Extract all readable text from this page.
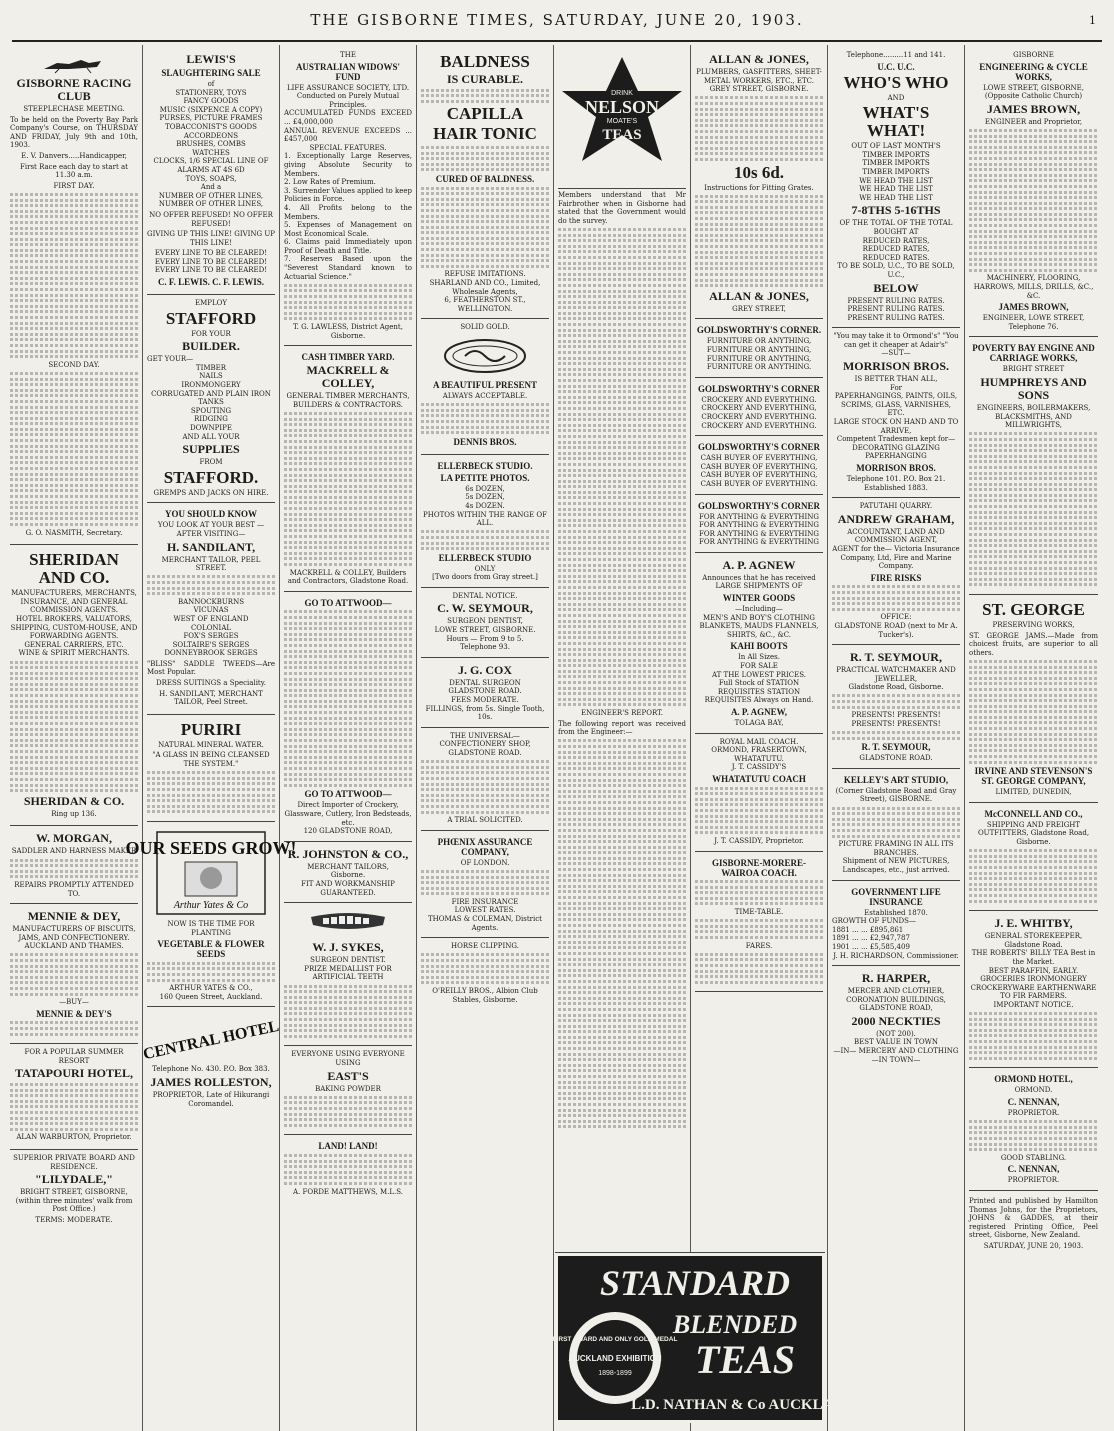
THE GISBORNE TIMES, SATURDAY, JUNE 20, 1903.	1
GISBORNE RACING CLUB
STEEPLECHASE MEETING.

To be held on the Poverty Bay Park Company's Course, on THURSDAY AND FRIDAY, July 9th and 10th, 1903.

E. V. Danvers.....Handicapper,

First Race each day to start at 11.30 a.m.

FIRST DAY.
SECOND DAY.

G. O. NASMITH, Secretary.

SHERIDAN AND CO.
MANUFACTURERS, MERCHANTS, INSURANCE, AND GENERAL COMMISSION AGENTS.
HOTEL BROKERS, VALUATORS,
SHIPPING, CUSTOM-HOUSE, AND FORWARDING AGENTS.
GENERAL CARRIERS, ETC.
WINE & SPIRIT MERCHANTS.
SHERIDAN & CO.

Ring up 136.

W. MORGAN,
SADDLER AND HARNESS MAKER
REPAIRS PROMPTLY ATTENDED TO.
MENNIE & DEY,
MANUFACTURERS OF BISCUITS, JAMS, AND CONFECTIONERY.
AUCKLAND AND THAMES.
—BUY—
MENNIE & DEY'S
FOR A POPULAR SUMMER RESORT
TATAPOURI HOTEL,

ALAN WARBURTON, Proprietor.

SUPERIOR PRIVATE BOARD AND RESIDENCE.
"LILYDALE,"

BRIGHT STREET, GISBORNE, (within three minutes' walk from Post Office.)

TERMS: MODERATE.
LEWIS'S
SLAUGHTERING SALE
of
STATIONERY, TOYS
FANCY GOODS
MUSIC (SIXPENCE A COPY)
PURSES, PICTURE FRAMES
TOBACCONIST'S GOODS
ACCORDEONS
BRUSHES, COMBS
WATCHES
CLOCKS, 1/6 SPECIAL LINE OF ALARMS AT 4S 6D
TOYS, SOAPS,
And a
NUMBER OF OTHER LINES, NUMBER OF OTHER LINES,

NO OFFER REFUSED! NO OFFER REFUSED!

GIVING UP THIS LINE! GIVING UP THIS LINE!

EVERY LINE TO BE CLEARED! EVERY LINE TO BE CLEARED! EVERY LINE TO BE CLEARED!

C. F. LEWIS. C. F. LEWIS.
EMPLOY
STAFFORD
FOR YOUR
BUILDER.
GET YOUR—
TIMBER
NAILS
IRONMONGERY
CORRUGATED AND PLAIN IRON
TANKS
SPOUTING
RIDGING
DOWNPIPE
AND ALL YOUR
SUPPLIES
FROM
STAFFORD.
GREMPS AND JACKS ON HIRE.
YOU SHOULD KNOW
YOU LOOK AT YOUR BEST —AFTER VISITING—
H. SANDILANT,
MERCHANT TAILOR, PEEL STREET.
BANNOCKBURNS
VICUNAS
WEST OF ENGLAND
COLONIAL
FOX'S SERGES
SOLTAIRE'S SERGES
DONNEYBROOK SERGES

"BLISS" SADDLE TWEEDS—Are Most Popular.

DRESS SUITINGS a Speciality.

H. SANDILANT, MERCHANT TAILOR, Peel Street.

PURIRI
NATURAL MINERAL WATER.

"A GLASS IN BEING CLEANSED THE SYSTEM."

OUR SEEDS GROW!
Arthur Yates & Co
NOW IS THE TIME FOR PLANTING
VEGETABLE & FLOWER SEEDS
ARTHUR YATES & CO.,
160 Queen Street, Auckland.
CENTRAL HOTEL

Telephone No. 430. P.O. Box 383.

JAMES ROLLESTON,

PROPRIETOR, Late of Hikurangi Coromandel.

THE
AUSTRALIAN WIDOWS' FUND
LIFE ASSURANCE SOCIETY, LTD.
Conducted on Purely Mutual Principles.
ACCUMULATED FUNDS EXCEED ... £4,000,000
ANNUAL REVENUE EXCEEDS ... £457,000
SPECIAL FEATURES.
1. Exceptionally Large Reserves, giving Absolute Security to Members.
2. Low Rates of Premium.
3. Surrender Values applied to keep Policies in Force.
4. All Profits belong to the Members.
5. Expenses of Management on Most Economical Scale.
6. Claims paid Immediately upon Proof of Death and Title.
7. Reserves Based upon the "Severest Standard known to Actuarial Science."
T. G. LAWLESS, District Agent, Gisborne.
CASH TIMBER YARD.
MACKRELL & COLLEY,
GENERAL TIMBER MERCHANTS, BUILDERS & CONTRACTORS.
MACKRELL & COLLEY, Builders and Contractors, Gladstone Road.
GO TO ATTWOOD—
GO TO ATTWOOD—
Direct Importer of Crockery, Glassware, Cutlery, Iron Bedsteads, etc.
120 GLADSTONE ROAD,
R. JOHNSTON & CO.,
MERCHANT TAILORS,
Gisborne.
FIT AND WORKMANSHIP GUARANTEED.
W. J. SYKES,
SURGEON DENTIST.
PRIZE MEDALLIST FOR ARTIFICIAL TEETH
EVERYONE USING EVERYONE USING
EAST'S
BAKING POWDER
LAND! LAND!
A. FORDE MATTHEWS, M.L.S.
BALDNESS
IS CURABLE.
CAPILLA
HAIR TONIC
CURED OF BALDNESS.
REFUSE IMITATIONS.
SHARLAND AND CO., Limited, Wholesale Agents,
6, FEATHERSTON ST., WELLINGTON.
SOLID GOLD.
A BEAUTIFUL PRESENT
ALWAYS ACCEPTABLE.
DENNIS BROS.
ELLERBECK STUDIO.
LA PETITE PHOTOS.
6s DOZEN,
5s DOZEN,
4s DOZEN.
PHOTOS WITHIN THE RANGE OF ALL.
ELLERBECK STUDIO
ONLY
[Two doors from Gray street.]
DENTAL NOTICE.
C. W. SEYMOUR,
SURGEON DENTIST,
LOWE STREET, GISBORNE.
Hours — From 9 to 5.
Telephone 93.
J. G. COX
DENTAL SURGEON
GLADSTONE ROAD.
FEES MODERATE.
FILLINGS, from 5s. Single Tooth, 10s.
THE UNIVERSAL— CONFECTIONERY SHOP,
GLADSTONE ROAD.
A TRIAL SOLICITED.
PHŒNIX ASSURANCE COMPANY,
OF LONDON.
FIRE INSURANCE
LOWEST RATES.
THOMAS & COLEMAN, District Agents.
HORSE CLIPPING.
O'REILLY BROS., Albion Club Stables, Gisborne.
DRINK
NELSON
MOATE'S
TEAS

Members understand that Mr Fairbrother when in Gisborne had stated that the Government would do the survey.

ENGINEER'S REPORT.

The following report was received from the Engineer:—

ALLAN & JONES,
PLUMBERS, GASFITTERS, SHEET-METAL WORKERS, ETC., ETC.
GREY STREET, GISBORNE.
10s 6d.
Instructions for Fitting Grates.
ALLAN & JONES,
GREY STREET,
GOLDSWORTHY'S CORNER.
FURNITURE OR ANYTHING,
FURNITURE OR ANYTHING,
FURNITURE OR ANYTHING,
FURNITURE OR ANYTHING.
GOLDSWORTHY'S CORNER
CROCKERY AND EVERYTHING.
CROCKERY AND EVERYTHING,
CROCKERY AND EVERYTHING.
CROCKERY AND EVERYTHING.
GOLDSWORTHY'S CORNER
CASH BUYER OF EVERYTHING,
CASH BUYER OF EVERYTHING,
CASH BUYER OF EVERYTHING,
CASH BUYER OF EVERYTHING.
GOLDSWORTHY'S CORNER
FOR ANYTHING & EVERYTHING
FOR ANYTHING & EVERYTHING
FOR ANYTHING & EVERYTHING
FOR ANYTHING & EVERYTHING
A. P. AGNEW
Announces that he has received LARGE SHIPMENTS OF
WINTER GOODS
—Including—
MEN'S AND BOY'S CLOTHING BLANKETS, MAUDS FLANNELS, SHIRTS, &C., &C.
KAHI BOOTS
In All Sizes.
FOR SALE
AT THE LOWEST PRICES.
Full Stock of STATION REQUISITES STATION REQUISITES Always on Hand.
A. P. AGNEW,
TOLAGA BAY,
ROYAL MAIL COACH.
ORMOND, FRASERTOWN, WHATATUTU.
J. T. CASSIDY'S
WHATATUTU COACH
J. T. CASSIDY, Proprietor.
GISBORNE-MORERE-WAIROA COACH.
TIME-TABLE.
FARES.
Telephone.........11 and 141.
U.C. U.C.
WHO'S WHO
AND
WHAT'S WHAT!
OUT OF LAST MONTH'S
TIMBER IMPORTS
TIMBER IMPORTS
TIMBER IMPORTS
WE HEAD THE LIST
WE HEAD THE LIST
WE HEAD THE LIST
7-8THS 5-16THS
OF THE TOTAL OF THE TOTAL
BOUGHT AT
REDUCED RATES,
REDUCED RATES,
REDUCED RATES.
TO BE SOLD, U.C., TO BE SOLD, U.C.,
BELOW
PRESENT RULING RATES.
PRESENT RULING RATES.
PRESENT RULING RATES.
"You may take it to Ormond's" "You can get it cheaper at Adair's"
—SUT—
MORRISON BROS.
IS BETTER THAN ALL,
For
PAPERHANGINGS, PAINTS, OILS, SCRIMS, GLASS, VARNISHES, ETC.
LARGE STOCK ON HAND AND TO ARRIVE,
Competent Tradesmen kept for— DECORATING GLAZING PAPERHANGING
MORRISON BROS.
Telephone 101. P.O. Box 21.
Established 1883.
PATUTAHI QUARRY.
ANDREW GRAHAM,
ACCOUNTANT, LAND AND COMMISSION AGENT,
AGENT for the— Victoria Insurance Company, Ltd, Fire and Marine Company.
FIRE RISKS
OFFICE:
GLADSTONE ROAD (next to Mr A. Tucker's).
R. T. SEYMOUR,
PRACTICAL WATCHMAKER AND JEWELLER,
Gladstone Road, Gisborne.
PRESENTS! PRESENTS! PRESENTS! PRESENTS!
R. T. SEYMOUR,
GLADSTONE ROAD.
KELLEY'S ART STUDIO,
(Corner Gladstone Road and Gray Street), GISBORNE.
PICTURE FRAMING IN ALL ITS BRANCHES.
Shipment of NEW PICTURES, Landscapes, etc., just arrived.
GOVERNMENT LIFE INSURANCE
Established 1870.
GROWTH OF FUNDS—
1881 ... ... £895,861
1891 ... ... £2,947,787
1901 ... ... £5,585,409
J. H. RICHARDSON, Commissioner.
R. HARPER,
MERCER AND CLOTHIER, CORONATION BUILDINGS, GLADSTONE ROAD,
2000 NECKTIES
(NOT 200).
BEST VALUE IN TOWN
—IN— MERCERY AND CLOTHING —IN TOWN—
GISBORNE
ENGINEERING & CYCLE WORKS,
LOWE STREET, GISBORNE, (Opposite Catholic Church)
JAMES BROWN,
ENGINEER and Proprietor,
MACHINERY, FLOORING, HARROWS, MILLS, DRILLS, &C., &C.
JAMES BROWN,
ENGINEER, LOWE STREET, Telephone 76.
POVERTY BAY ENGINE AND CARRIAGE WORKS,
BRIGHT STREET
HUMPHREYS AND SONS
ENGINEERS, BOILERMAKERS, BLACKSMITHS, AND MILLWRIGHTS,
ST. GEORGE
PRESERVING WORKS,

ST. GEORGE JAMS.—Made from choicest fruits, are superior to all others.

IRVINE AND STEVENSON'S ST. GEORGE COMPANY,
LIMITED, DUNEDIN,
McCONNELL AND CO.,
SHIPPING AND FREIGHT OUTFITTERS, Gladstone Road, Gisborne.
J. E. WHITBY,
GENERAL STOREKEEPER, Gladstone Road.
THE ROBERTS' BILLY TEA Best in the Market.
BEST PARAFFIN, EARLY.
GROCERIES IRONMONGERY CROCKERYWARE EARTHENWARE
TO FIR FARMERS.
IMPORTANT NOTICE.
ORMOND HOTEL,
ORMOND.
C. NENNAN,
PROPRIETOR.
GOOD STABLING.
C. NENNAN,
PROPRIETOR.

Printed and published by Hamilton Thomas Johns, for the Proprietors, JOHNS & GADDES, at their registered Printing Office, Peel street, Gisborne, New Zealand.

SATURDAY, JUNE 20, 1903.
STANDARD
BLENDED
TEAS
FIRST AWARD AND ONLY GOLD MEDAL
AUCKLAND EXHIBITION
1898-1899
L.D. NATHAN & Co AUCKLAND.
